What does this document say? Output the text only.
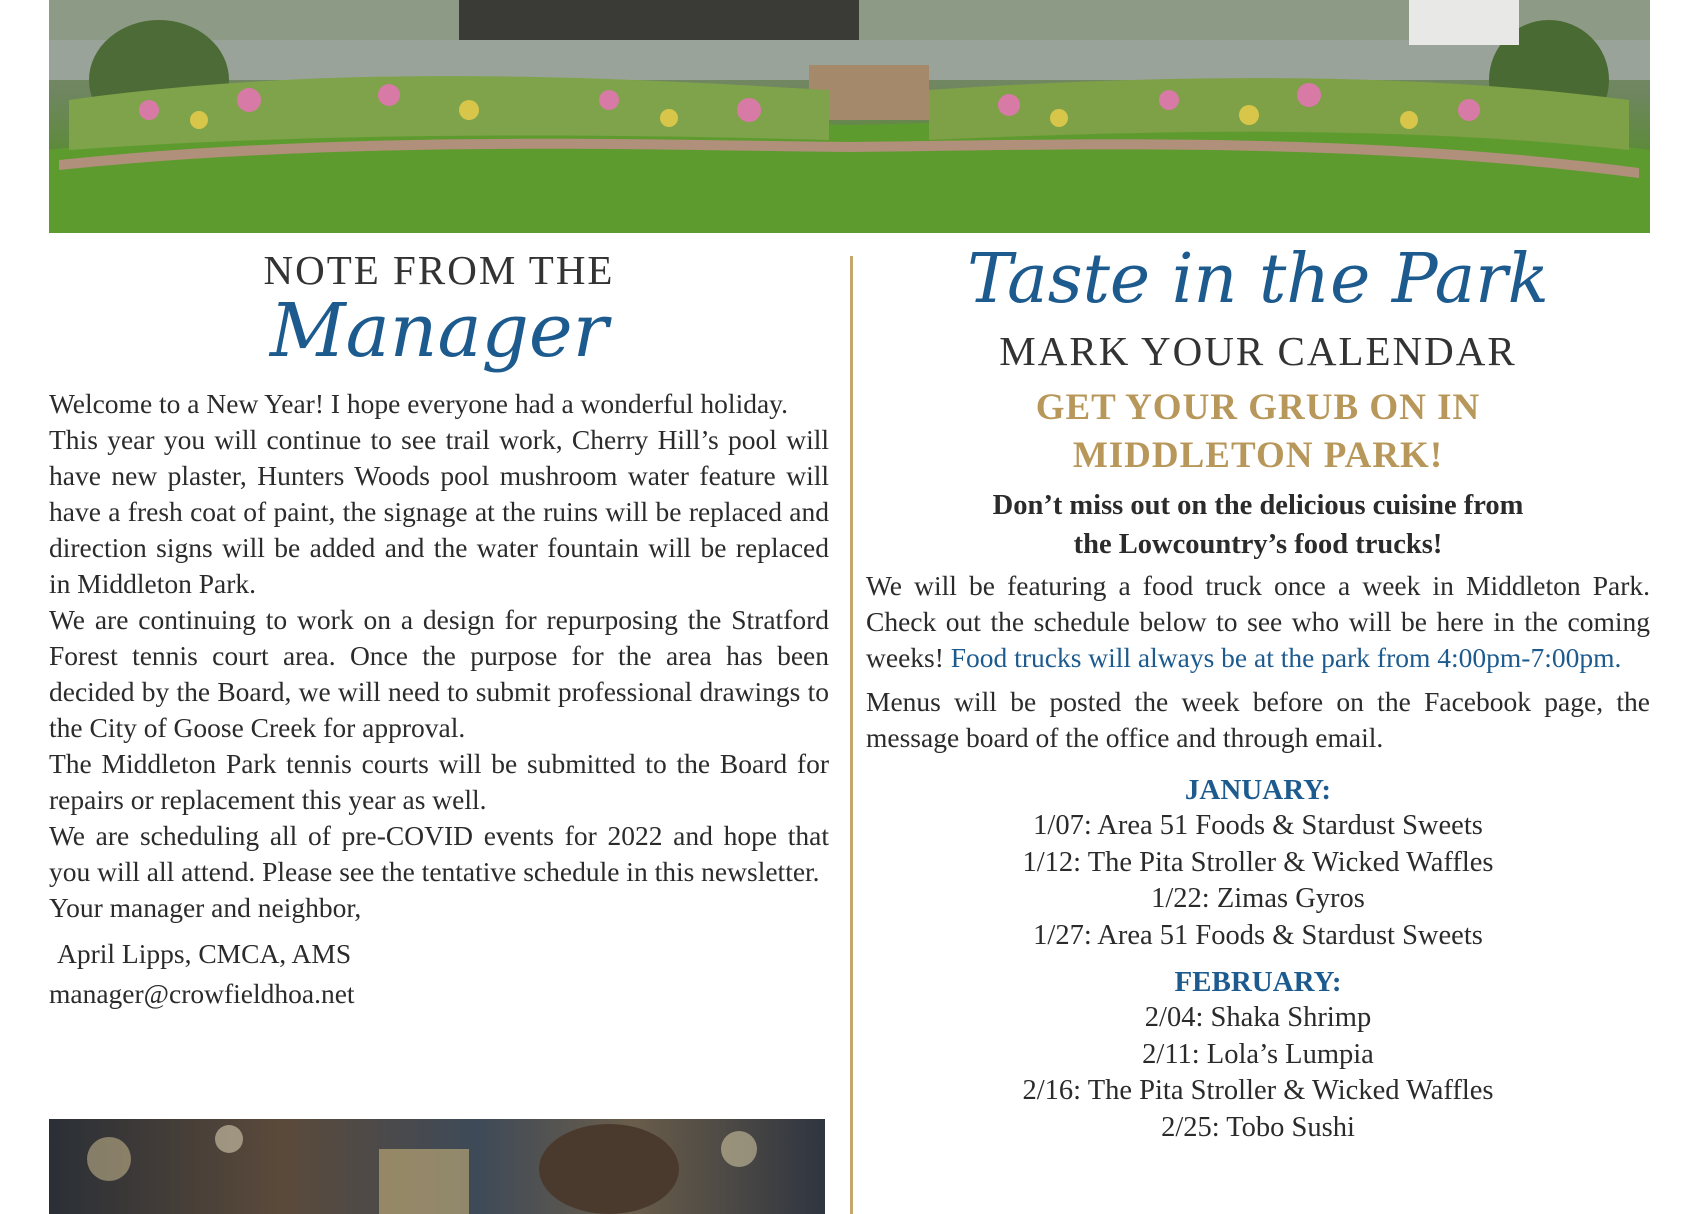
NOTE FROM THE
Manager

Welcome to a New Year! I hope everyone had a wonderful holiday.

This year you will continue to see trail work, Cherry Hill’s pool will have new plaster, Hunters Woods pool mushroom water feature will have a fresh coat of paint, the signage at the ruins will be replaced and direction signs will be added and the water fountain will be replaced in Middleton Park.

We are continuing to work on a design for repurposing the Stratford Forest tennis court area. Once the purpose for the area has been decided by the Board, we will need to submit professional drawings to the City of Goose Creek for approval.

The Middleton Park tennis courts will be submitted to the Board for repairs or replacement this year as well.

We are scheduling all of pre-COVID events for 2022 and hope that you will all attend. Please see the tentative schedule in this newsletter.

Your manager and neighbor,

April Lipps, CMCA, AMS
manager@crowfieldhoa.net
Taste in the Park
MARK YOUR CALENDAR
GET YOUR GRUB ON IN
MIDDLETON PARK!
Don’t miss out on the delicious cuisine from
the Lowcountry’s food trucks!
We will be featuring a food truck once a week in Middleton Park. Check out the schedule below to see who will be here in the coming weeks! Food trucks will always be at the park from 4:00pm-7:00pm.
Menus will be posted the week before on the Facebook page, the message board of the office and through email.
JANUARY:
1/07: Area 51 Foods & Stardust Sweets
1/12: The Pita Stroller & Wicked Waffles
1/22: Zimas Gyros
1/27: Area 51 Foods & Stardust Sweets
FEBRUARY:
2/04: Shaka Shrimp
2/11: Lola’s Lumpia
2/16: The Pita Stroller & Wicked Waffles
2/25: Tobo Sushi
